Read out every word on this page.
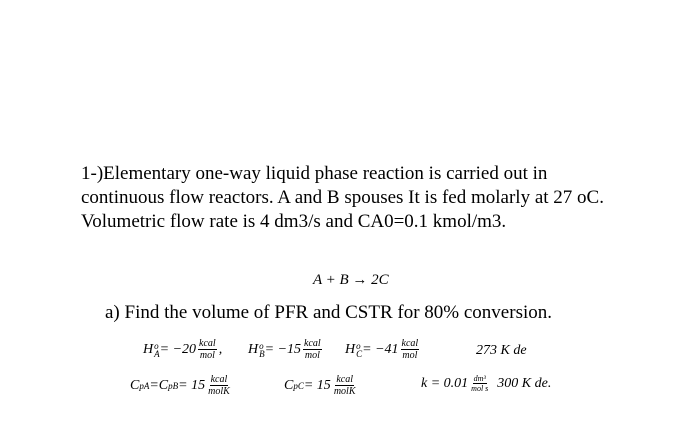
1-)Elementary one-way liquid phase reaction is carried out in continuous flow reactors. A and B spouses It is fed molarly at 27 oC. Volumetric flow rate is 4 dm3/s and CA0=0.1 kmol/m3.
A + B → 2C
a) Find the volume of PFR and CSTR for 80% conversion.
H o
$A = -20 \frac{\text{kcal}}{\text{mol}}$ , H o
$B = -15 \frac{\text{kcal}}{\text{mol}}$ H o
$C = -41 \frac{\text{kcal}}{\text{mol}}$	273 K de
C pA =C pB = $15 \frac{\text{kcal}}{\text{molK}}$	C pC = $15 \frac{\text{kcal}}{\text{molK}}$	$k = 0.01 \frac{\text{dm³}}{\text{mol s}} 300$ K de.
